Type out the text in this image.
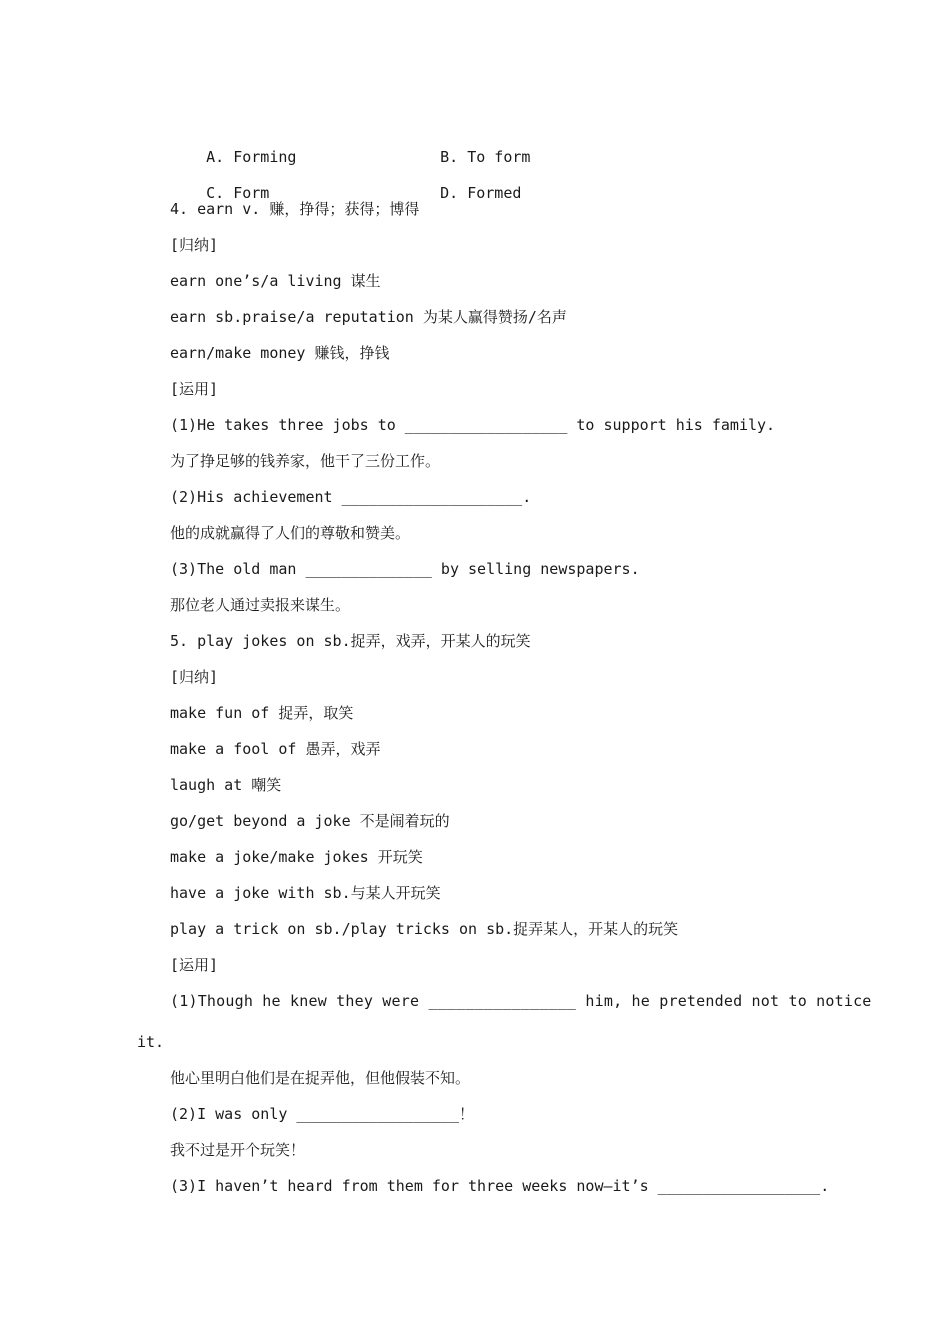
A. Forming	B. To form

C. Form	D. Formed

4. earn v. 赚，挣得；获得；博得
[归纳]
earn one’s/a living 谋生
earn sb.praise/a reputation 为某人赢得赞扬/名声
earn/make money 赚钱，挣钱
[运用]
(1)He takes three jobs to __________________ to support his family.
为了挣足够的钱养家，他干了三份工作。
(2)His achievement ____________________.
他的成就赢得了人们的尊敬和赞美。
(3)The old man ______________ by selling newspapers.
那位老人通过卖报来谋生。
5. play jokes on sb.捉弄，戏弄，开某人的玩笑
[归纳]
make fun of 捉弄，取笑
make a fool of 愚弄，戏弄
laugh at 嘲笑
go/get beyond a joke 不是闹着玩的
make a joke/make jokes 开玩笑
have a joke with sb.与某人开玩笑
play a trick on sb./play tricks on sb.捉弄某人，开某人的玩笑
[运用]
(1)Though he knew they were ________________ him, he pretended not to notice
it.
他心里明白他们是在捉弄他，但他假装不知。
(2)I was only __________________！
我不过是开个玩笑！
(3)I haven’t heard from them for three weeks now—it’s __________________.
